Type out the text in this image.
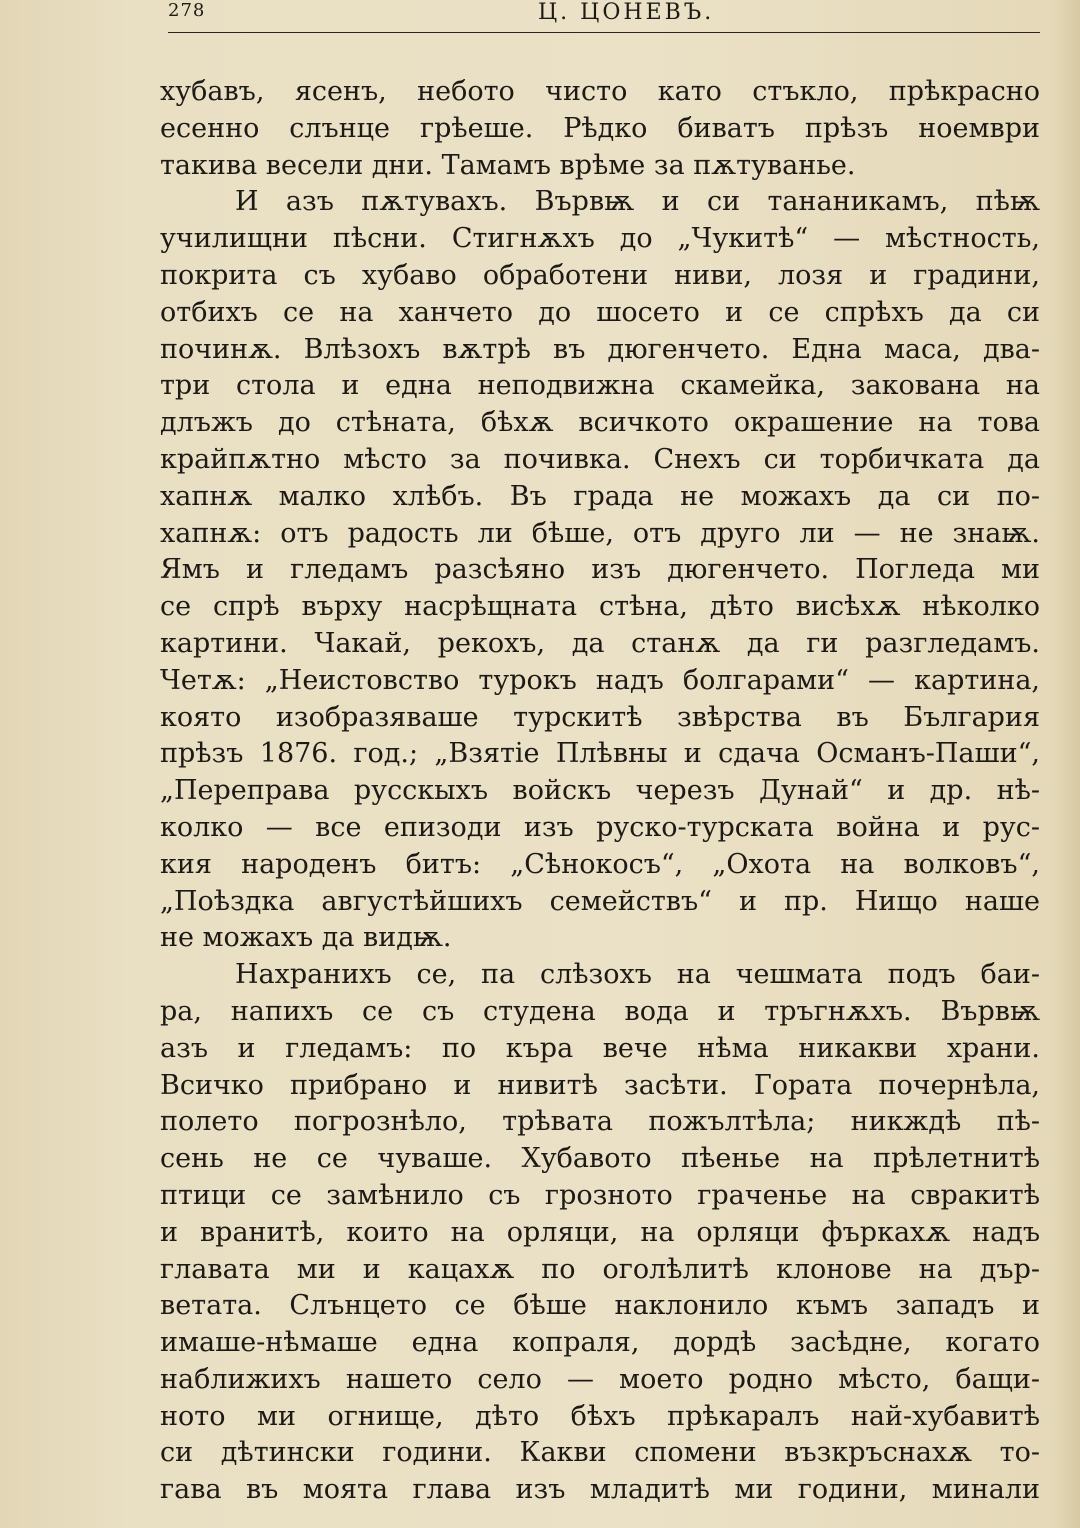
278	Ц. ЦОНЕВЪ.
хубавъ, ясенъ, небото чисто като стъкло, прѣкрасно
есенно слънце грѣеше. Рѣдко биватъ прѣзъ ноември
такива весели дни. Тамамъ врѣме за пѫтуванье.
И азъ пѫтувахъ. Вървѭ и си тананикамъ, пѣѭ
училищни пѣсни. Стигнѫхъ до „Чукитѣ“ — мѣстность,
покрита съ хубаво обработени ниви, лозя и градини,
отбихъ се на ханчето до шосето и се спрѣхъ да си
починѫ. Влѣзохъ вѫтрѣ въ дюгенчето. Една маса, два-
три стола и една неподвижна скамейка, закована на
длъжъ до стѣната, бѣхѫ всичкото окрашение на това
крайпѫтно мѣсто за почивка. Снехъ си торбичката да
хапнѫ малко хлѣбъ. Въ града не можахъ да си по-
хапнѫ: отъ радость ли бѣше, отъ друго ли — не знаѭ.
Ямъ и гледамъ разсѣяно изъ дюгенчето. Погледа ми
се спрѣ върху насрѣщната стѣна, дѣто висѣхѫ нѣколко
картини. Чакай, рекохъ, да станѫ да ги разгледамъ.
Четѫ: „Неистовство турокъ надъ болгарами“ — картина,
която изобразяваше турскитѣ звѣрства въ България
прѣзъ 1876. год.; „Взятіе Плѣвны и сдача Османъ-Паши“,
„Переправа русскыхъ войскъ черезъ Дунай“ и др. нѣ-
колко — все епизоди изъ руско-турската война и рус-
кия народенъ битъ: „Сѣнокосъ“, „Охота на волковъ“,
„Поѣздка августѣйшихъ семействъ“ и пр. Нищо наше
не можахъ да видѭ.
Нахранихъ се, па слѣзохъ на чешмата подъ баи-
ра, напихъ се съ студена вода и тръгнѫхъ. Вървѭ
азъ и гледамъ: по кърa вече нѣма никакви храни.
Всичко прибрано и нивитѣ засѣти. Гората почернѣла,
полето погрознѣло, трѣвата пожълтѣла; никждѣ пѣ-
сень не се чуваше. Хубавото пѣенье на прѣлетнитѣ
птици се замѣнило съ грозното граченье на свракитѣ
и вранитѣ, които на орляци, на орляци фъркахѫ надъ
главата ми и кацахѫ по оголѣлитѣ клонове на дър-
ветата. Слънцето се бѣше наклонило къмъ западъ и
имаше-нѣмаше една копраля, дордѣ засѣдне, когато
наближихъ нашето село — моето родно мѣсто, бащи-
ното ми огнище, дѣто бѣхъ прѣкаралъ най-хубавитѣ
си дѣтински години. Какви спомени възкръснахѫ то-
гава въ моята глава изъ младитѣ ми години, минали
